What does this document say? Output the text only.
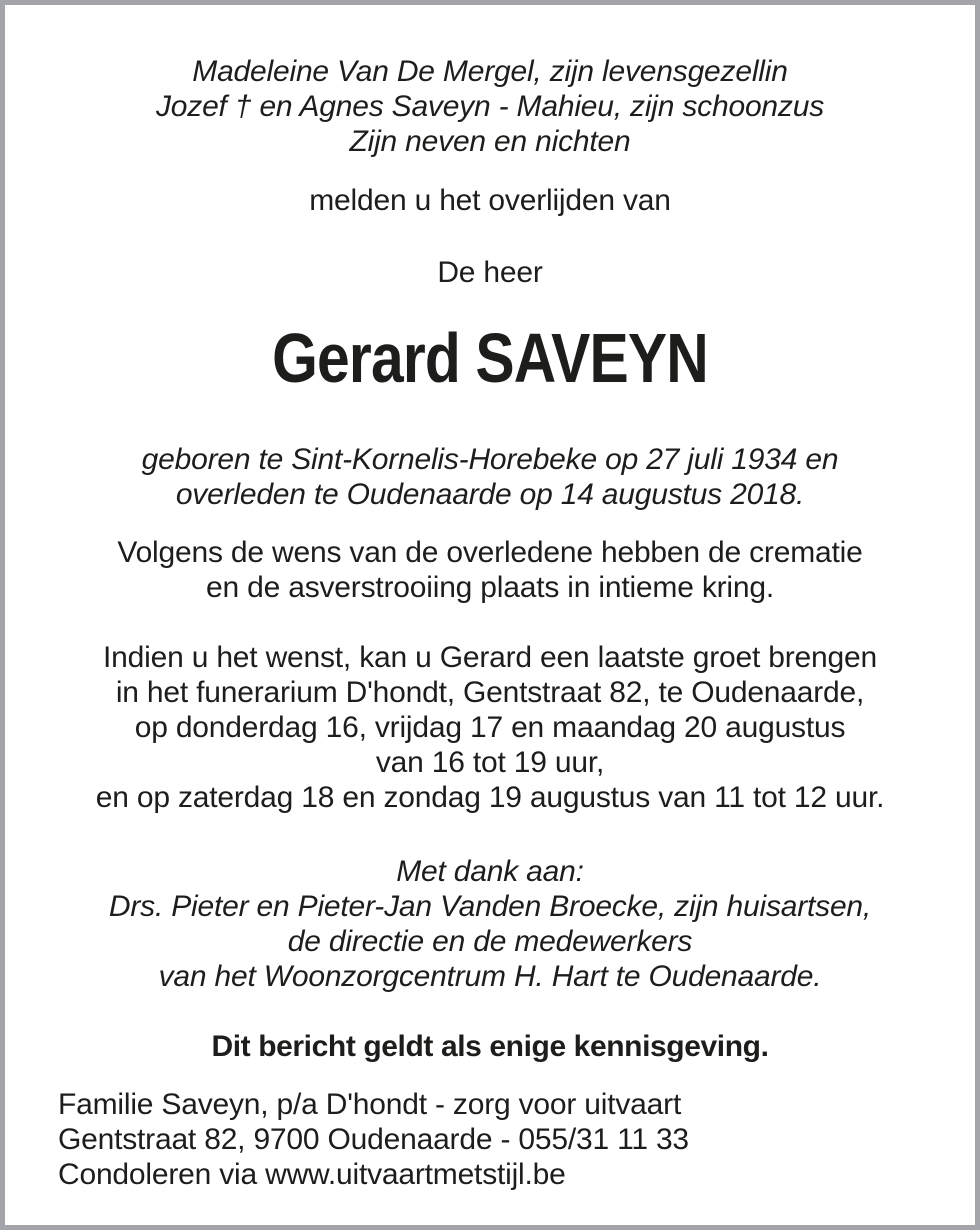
Madeleine Van De Mergel, zijn levensgezellin
Jozef † en Agnes Saveyn - Mahieu, zijn schoonzus
Zijn neven en nichten
melden u het overlijden van
De heer
Gerard SAVEYN
geboren te Sint-Kornelis-Horebeke op 27 juli 1934 en
overleden te Oudenaarde op 14 augustus 2018.
Volgens de wens van de overledene hebben de crematie
en de asverstrooiing plaats in intieme kring.
Indien u het wenst, kan u Gerard een laatste groet brengen
in het funerarium D'hondt, Gentstraat 82, te Oudenaarde,
op donderdag 16, vrijdag 17 en maandag 20 augustus
van 16 tot 19 uur,
en op zaterdag 18 en zondag 19 augustus van 11 tot 12 uur.
Met dank aan:
Drs. Pieter en Pieter-Jan Vanden Broecke, zijn huisartsen,
de directie en de medewerkers
van het Woonzorgcentrum H. Hart te Oudenaarde.
Dit bericht geldt als enige kennisgeving.
Familie Saveyn, p/a D'hondt - zorg voor uitvaart
Gentstraat 82, 9700 Oudenaarde - 055/31 11 33
Condoleren via www.uitvaartmetstijl.be
